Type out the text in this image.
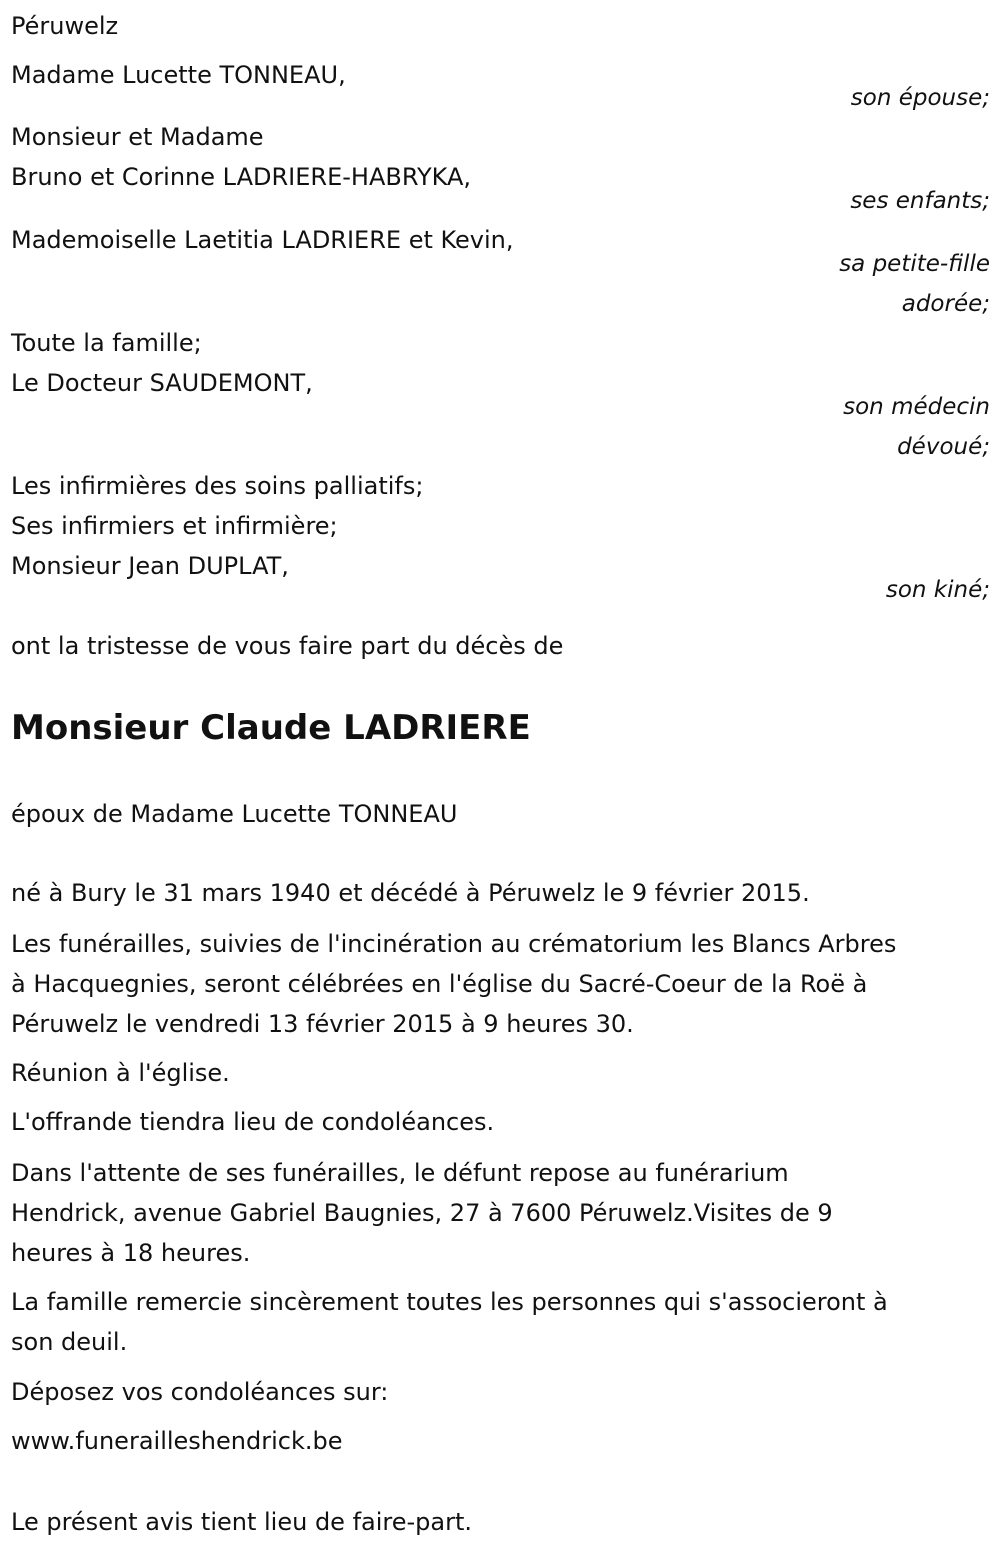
Péruwelz
Madame Lucette TONNEAU,
son épouse;
Monsieur et Madame
Bruno et Corinne LADRIERE-HABRYKA,
ses enfants;
Mademoiselle Laetitia LADRIERE et Kevin,
sa petite-fille
adorée;
Toute la famille;
Le Docteur SAUDEMONT,
son médecin
dévoué;
Les infirmières des soins palliatifs;
Ses infirmiers et infirmière;
Monsieur Jean DUPLAT,
son kiné;
ont la tristesse de vous faire part du décès de
Monsieur Claude LADRIERE
époux de Madame Lucette TONNEAU
né à Bury le 31 mars 1940 et décédé à Péruwelz le 9 février 2015.
Les funérailles, suivies de l'incinération au crématorium les Blancs Arbres
à Hacquegnies, seront célébrées en l'église du Sacré-Coeur de la Roë à
Péruwelz le vendredi 13 février 2015 à 9 heures 30.
Réunion à l'église.
L'offrande tiendra lieu de condoléances.
Dans l'attente de ses funérailles, le défunt repose au funérarium
Hendrick, avenue Gabriel Baugnies, 27 à 7600 Péruwelz.Visites de 9
heures à 18 heures.
La famille remercie sincèrement toutes les personnes qui s'associeront à
son deuil.
Déposez vos condoléances sur:
www.funerailleshendrick.be
Le présent avis tient lieu de faire-part.
